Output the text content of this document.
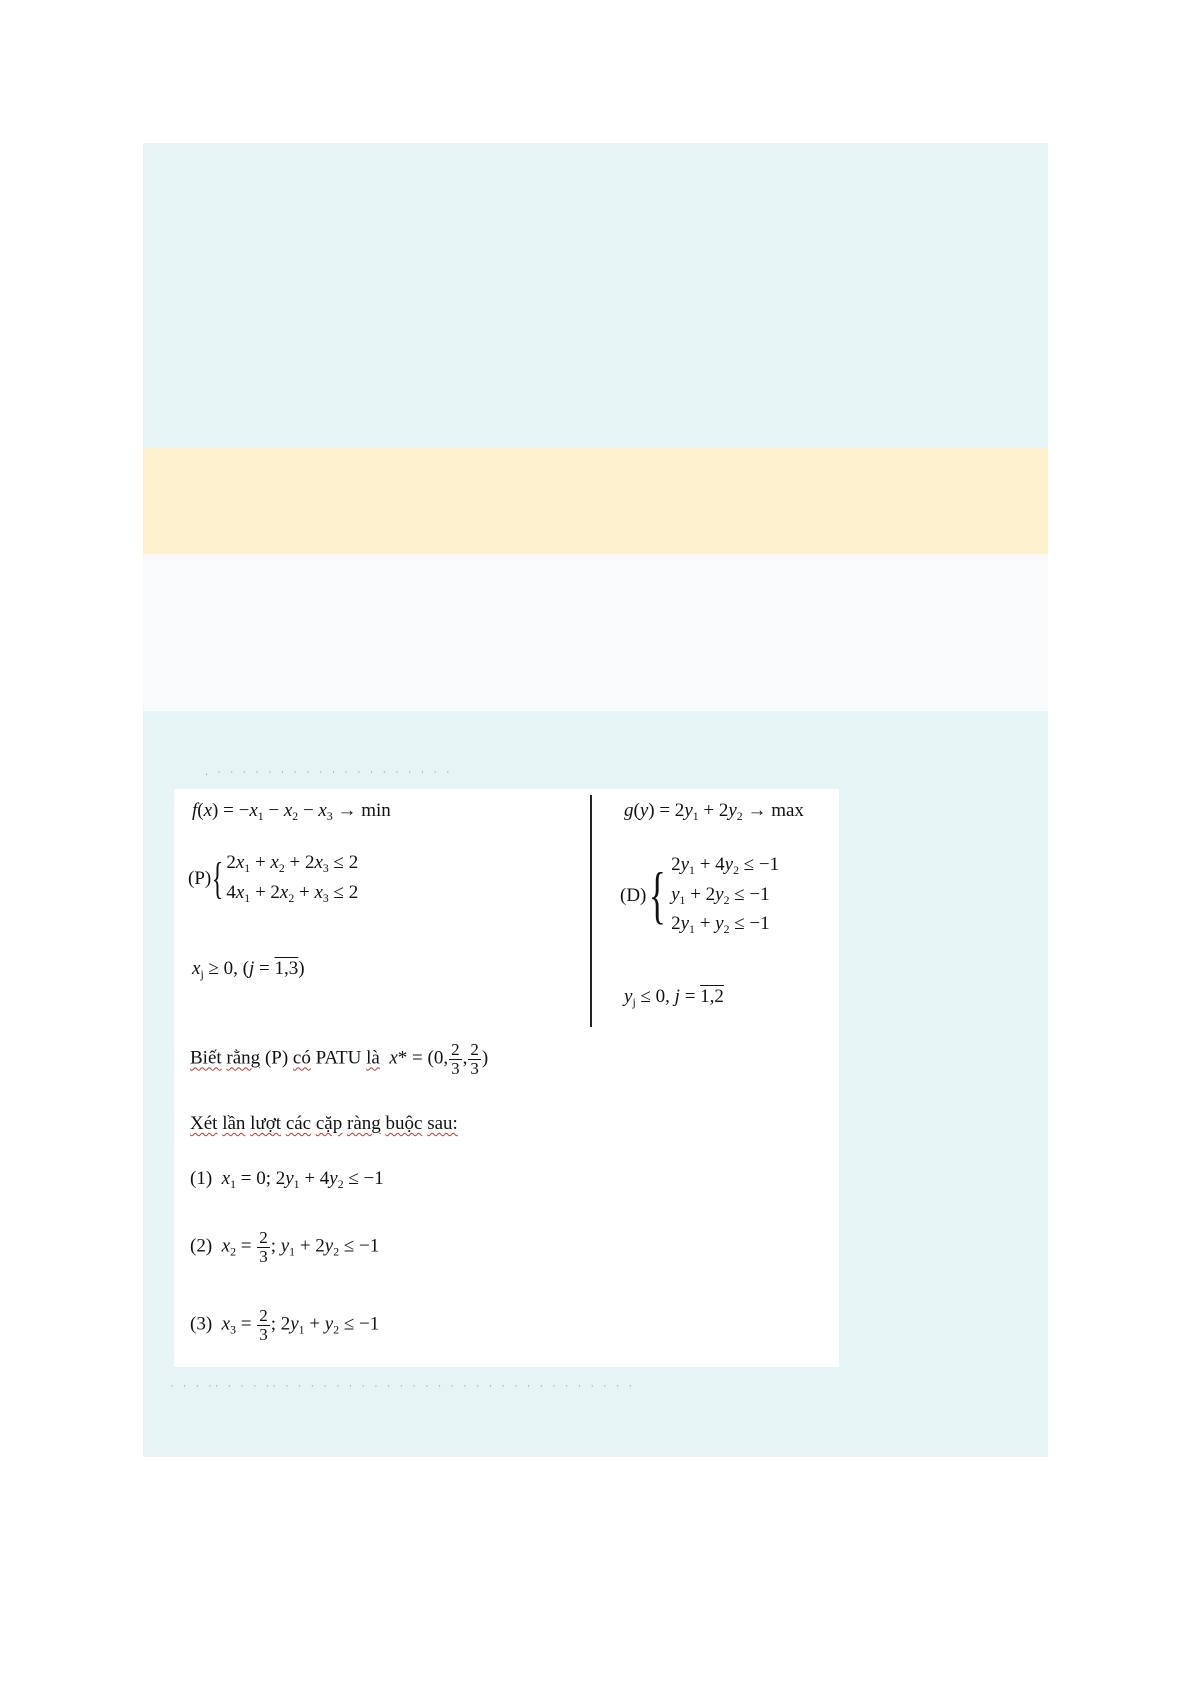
. · · · · · · · · · · · · · · · · · · ·
· · · ·· · · · ·· · · · · · · · · · · · · · · · · · · · · · · · · · · · ·
$f(x) = -x_1 - x_2 - x_3 \to \min$
(P) { $2x_1 + x_2 + 2x_3 \le 2$
$4x_1 + 2x_2 + x_3 \le 2$
$x_j \ge 0$, (j = 1,3)
$g(y) = 2y_1 + 2y_2 \to \max$
(D) { $2y_1 + 4y_2 \le -1$
$y_1 + 2y_2 \le -1$
$2y_1 + y_2 \le -1$
$y_j \le 0$, j = 1,2
Biết rằng (P) có PATU là x* = (0, $\frac{2}{3}$ , $\frac{2}{3}$ )
Xét lần lượt các cặp ràng buộc sau:
(1) $x_1 = 0$; $2y_1 + 4y_2 \le -1$
(2) $x_2 = \frac{2}{3}$ ; $y_1 + 2y_2 \le -1$
(3) $x_3 = \frac{2}{3}$ ; $2y_1 + y_2 \le -1$
